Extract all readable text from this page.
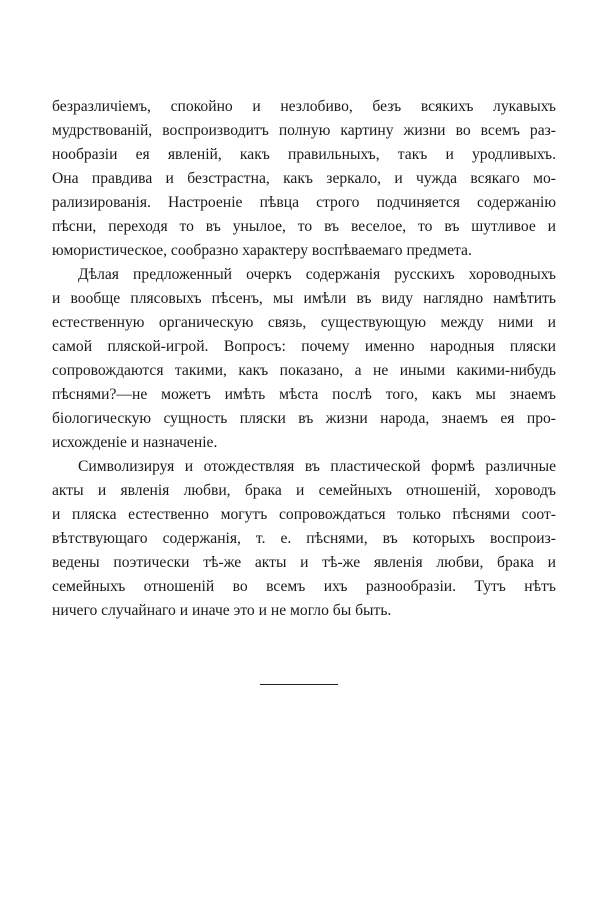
безразличіемъ, спокойно и незлобиво, безъ всякихъ лукавыхъ
мудрствованій, воспроизводитъ полную картину жизни во всемъ раз-
нообразіи ея явленій, какъ правильныхъ, такъ и уродливыхъ.
Она правдива и безстрастна, какъ зеркало, и чужда всякаго мо-
рализированія. Настроеніе пѣвца строго подчиняется содержанію
пѣсни, переходя то въ унылое, то въ веселое, то въ шутливое и
юмористическое, сообразно характеру воспѣваемаго предмета.

Дѣлая предложенный очеркъ содержанія русскихъ хороводныхъ
и вообще плясовыхъ пѣсенъ, мы имѣли въ виду наглядно намѣтить
естественную органическую связь, существующую между ними и
самой пляской-игрой. Вопросъ: почему именно народныя пляски
сопровождаются такими, какъ показано, а не иными какими-нибудь
пѣснями?—не можетъ имѣть мѣста послѣ того, какъ мы знаемъ
біологическую сущность пляски въ жизни народа, знаемъ ея про-
исхожденіе и назначеніе.

Символизируя и отождествляя въ пластической формѣ различные
акты и явленія любви, брака и семейныхъ отношеній, хороводъ
и пляска естественно могутъ сопровождаться только пѣснями соот-
вѣтствующаго содержанія, т. е. пѣснями, въ которыхъ воспроиз-
ведены поэтически тѣ-же акты и тѣ-же явленія любви, брака и
семейныхъ отношеній во всемъ ихъ разнообразіи. Тутъ нѣтъ
ничего случайнаго и иначе это и не могло бы быть.
